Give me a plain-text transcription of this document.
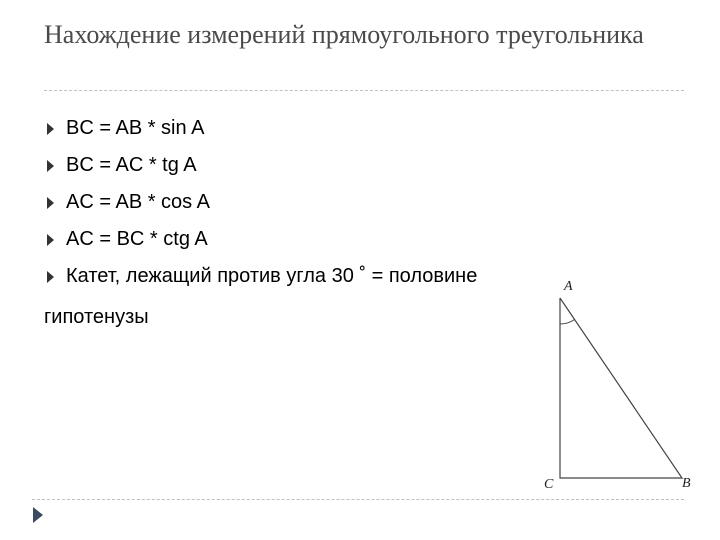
Нахождение измерений прямоугольного треугольника
BC = AB * sin A
BC = AC * tg A
AC = AB * cos A
AC = BC * ctg A
Катет, лежащий против угла 30 ˚ = половине
гипотенузы
A
C	B
